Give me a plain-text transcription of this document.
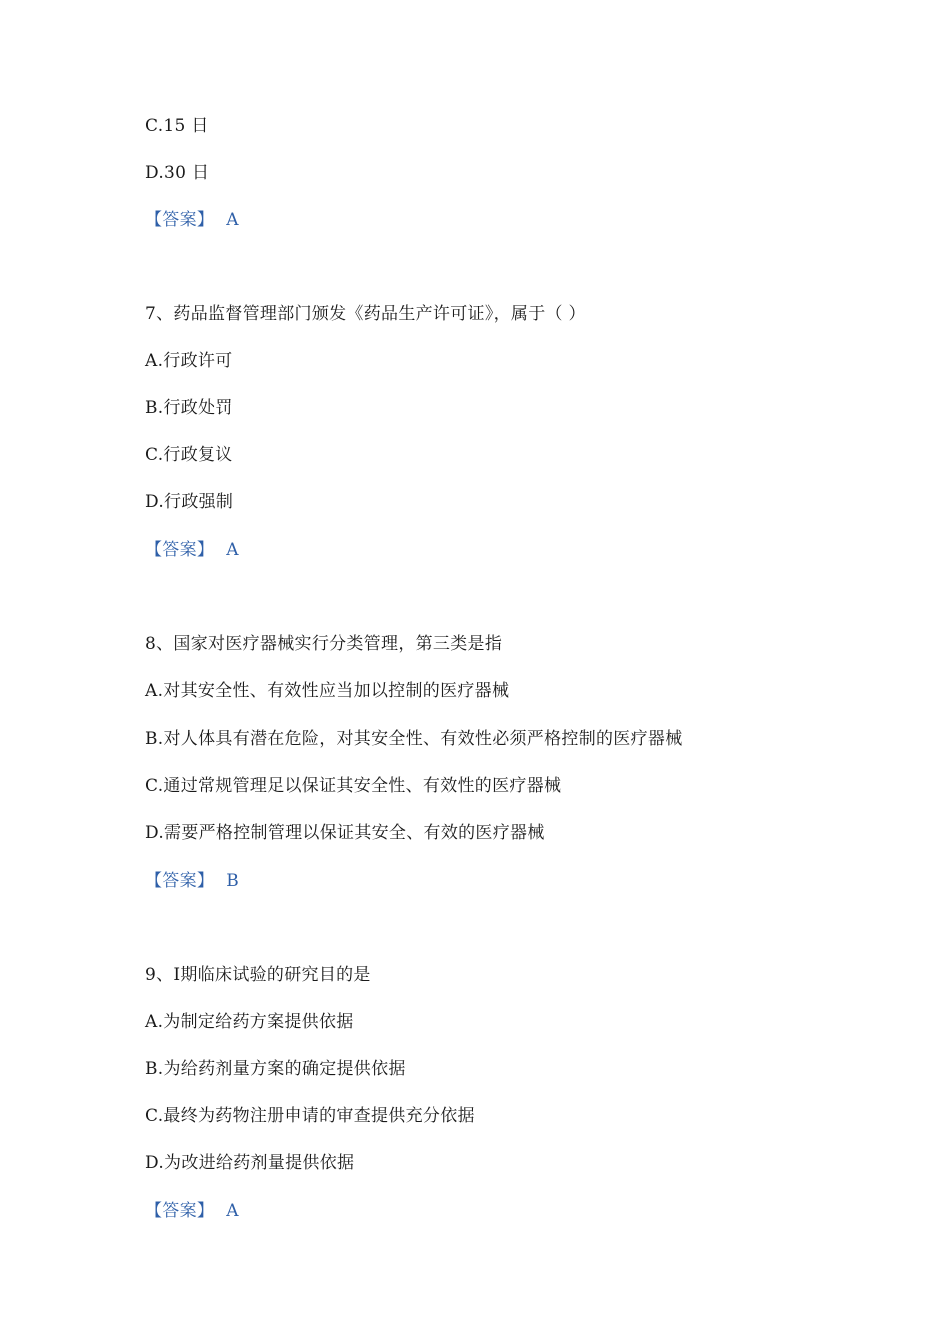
C.15 日
D.30 日
【答案】 A
7、药品监督管理部门颁发《药品生产许可证》，属于（ ）
A.行政许可
B.行政处罚
C.行政复议
D.行政强制
【答案】 A
8、国家对医疗器械实行分类管理，第三类是指
A.对其安全性、有效性应当加以控制的医疗器械
B.对人体具有潜在危险，对其安全性、有效性必须严格控制的医疗器械
C.通过常规管理足以保证其安全性、有效性的医疗器械
D.需要严格控制管理以保证其安全、有效的医疗器械
【答案】 B
9、Ⅰ期临床试验的研究目的是
A.为制定给药方案提供依据
B.为给药剂量方案的确定提供依据
C.最终为药物注册申请的审查提供充分依据
D.为改进给药剂量提供依据
【答案】 A
